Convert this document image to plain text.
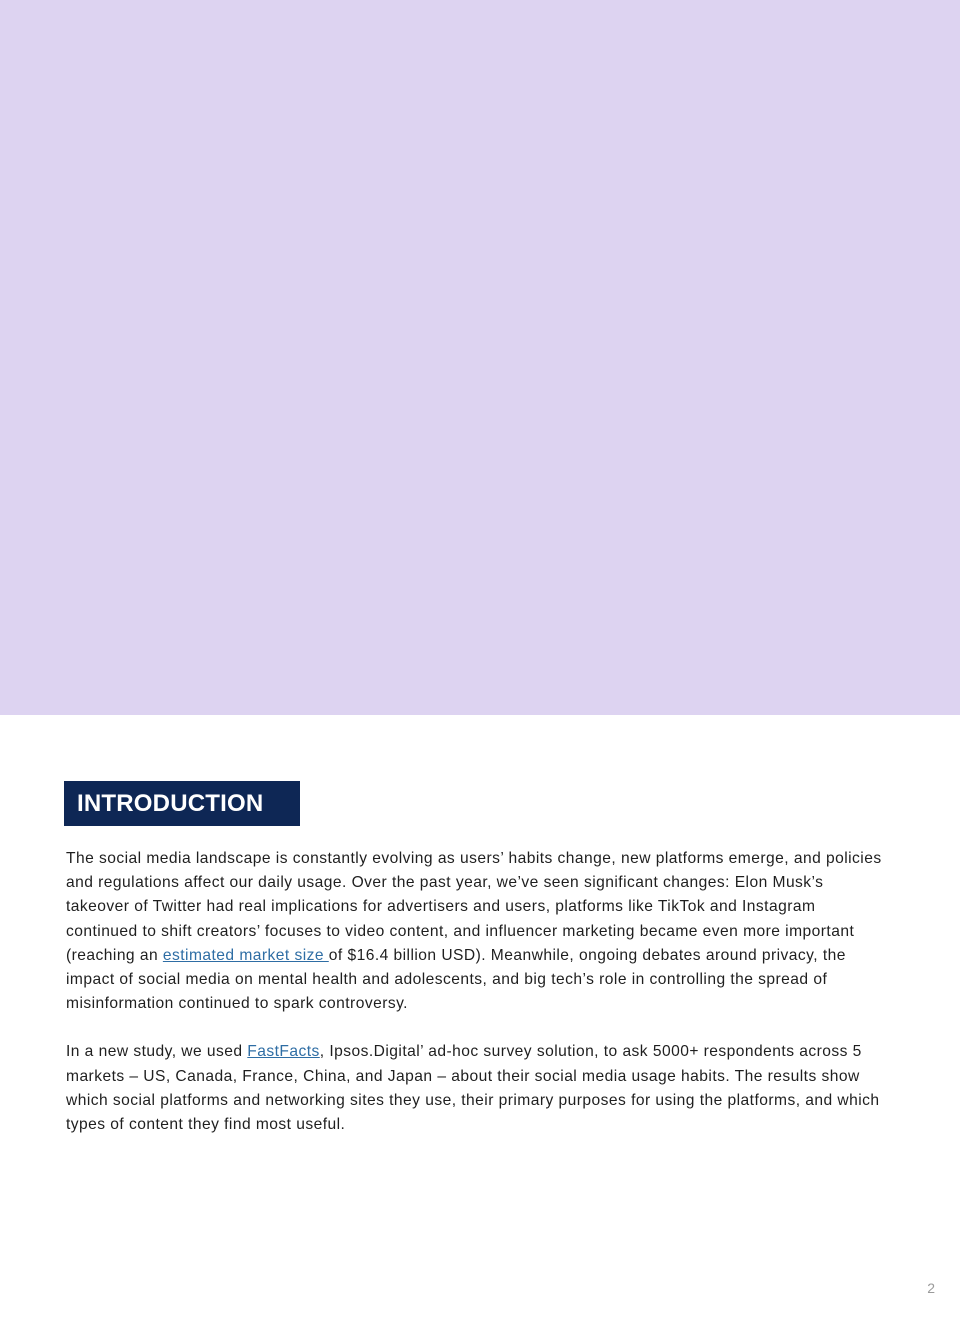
INTRODUCTION

The social media landscape is constantly evolving as users’ habits change, new platforms emerge, and policies and regulations affect our daily usage. Over the past year, we’ve seen significant changes: Elon Musk’s takeover of Twitter had real implications for advertisers and users, platforms like TikTok and Instagram continued to shift creators’ focuses to video content, and influencer marketing became even more important (reaching an estimated market size of $16.4 billion USD). Meanwhile, ongoing debates around privacy, the impact of social media on mental health and adolescents, and big tech’s role in controlling the spread of misinformation continued to spark controversy.

In a new study, we used FastFacts, Ipsos.Digital’ ad-hoc survey solution, to ask 5000+ respondents across 5 markets – US, Canada, France, China, and Japan – about their social media usage habits. The results show which social platforms and networking sites they use, their primary purposes for using the platforms, and which types of content they find most useful.

2
